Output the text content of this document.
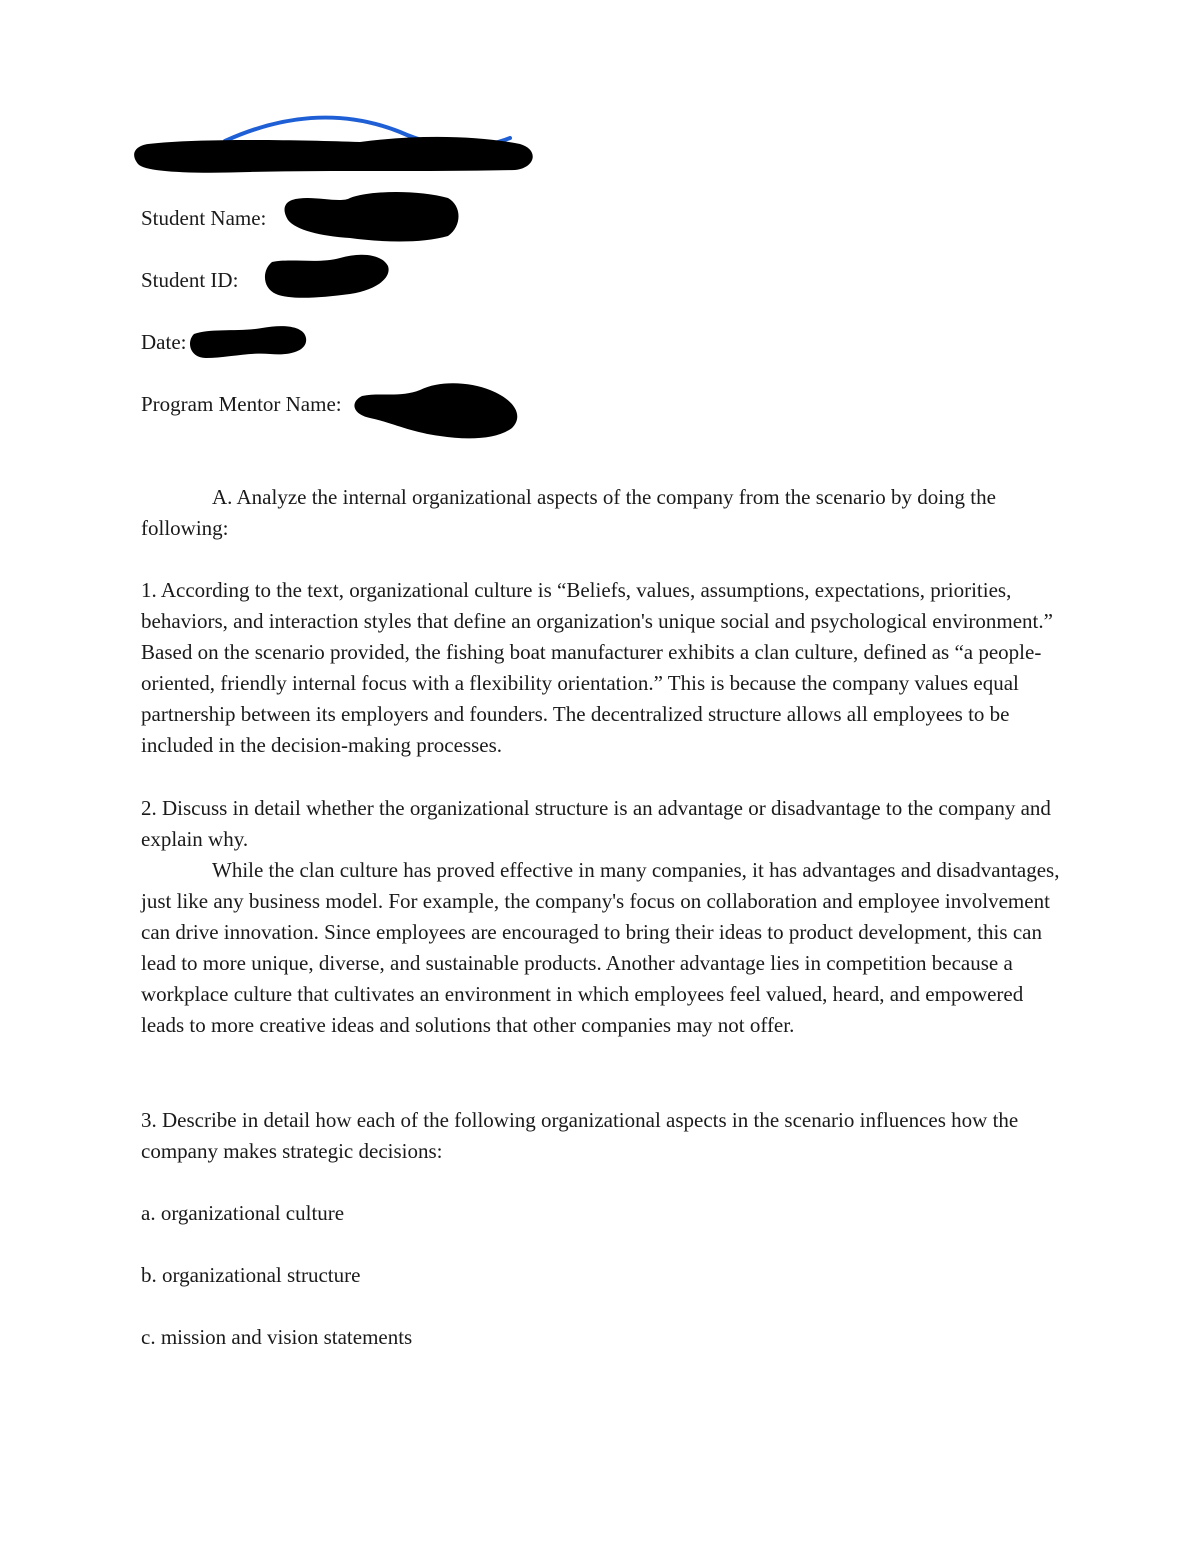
Student Name:
Student ID:
Date:
Program Mentor Name:

A. Analyze the internal organizational aspects of the company from the scenario by doing the following:

1. According to the text, organizational culture is “Beliefs, values, assumptions, expectations, priorities, behaviors, and interaction styles that define an organization's unique social and psychological environment.” Based on the scenario provided, the fishing boat manufacturer exhibits a clan culture, defined as “a people-oriented, friendly internal focus with a flexibility orientation.” This is because the company values equal partnership between its employers and founders. The decentralized structure allows all employees to be included in the decision-making processes.

2. Discuss in detail whether the organizational structure is an advantage or disadvantage to the company and explain why.

While the clan culture has proved effective in many companies, it has advantages and disadvantages, just like any business model. For example, the company's focus on collaboration and employee involvement can drive innovation. Since employees are encouraged to bring their ideas to product development, this can lead to more unique, diverse, and sustainable products. Another advantage lies in competition because a workplace culture that cultivates an environment in which employees feel valued, heard, and empowered leads to more creative ideas and solutions that other companies may not offer.

3. Describe in detail how each of the following organizational aspects in the scenario influences how the company makes strategic decisions:

a. organizational culture
b. organizational structure
c. mission and vision statements
